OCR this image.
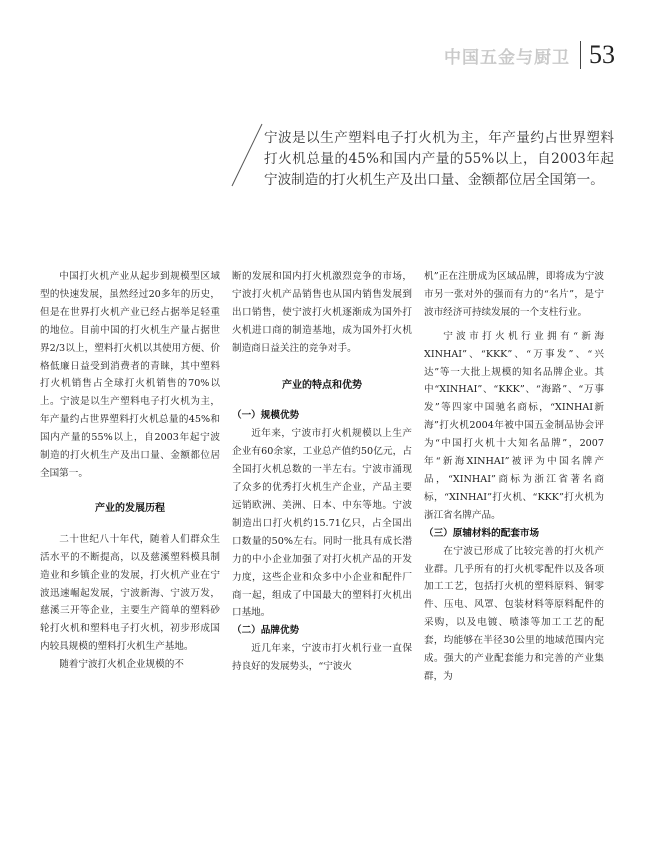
中国五金与厨卫 53

宁波是以生产塑料电子打火机为主，年产量约占世界塑料打火机总量的45%和国内产量的55%以上，自2003年起宁波制造的打火机生产及出口量、金额都位居全国第一。

中国打火机产业从起步到规模型区域型的快速发展，虽然经过20多年的历史，但是在世界打火机产业已经占据举足轻重的地位。目前中国的打火机生产量占据世界2/3以上，塑料打火机以其使用方便、价格低廉日益受到消费者的青睐，其中塑料打火机销售占全球打火机销售的70%以上。宁波是以生产塑料电子打火机为主，年产量约占世界塑料打火机总量的45%和国内产量的55%以上，自2003年起宁波制造的打火机生产及出口量、金额都位居全国第一。

产业的发展历程

二十世纪八十年代，随着人们群众生活水平的不断提高，以及慈溪塑料模具制造业和乡镇企业的发展，打火机产业在宁波迅速崛起发展，宁波新海、宁波万发，慈溪三开等企业，主要生产简单的塑料砂轮打火机和塑料电子打火机，初步形成国内较具规模的塑料打火机生产基地。

随着宁波打火机企业规模的不

断的发展和国内打火机激烈竞争的市场，宁波打火机产品销售也从国内销售发展到出口销售，使宁波打火机逐渐成为国外打火机进口商的制造基地，成为国外打火机制造商日益关注的竞争对手。

产业的特点和优势
（一）规模优势

近年来，宁波市打火机规模以上生产企业有60余家，工业总产值约50亿元，占全国打火机总数的一半左右。宁波市涌现了众多的优秀打火机生产企业，产品主要远销欧洲、美洲、日本、中东等地。宁波制造出口打火机约15.71亿只，占全国出口数量的50%左右。同时一批具有成长潜力的中小企业加强了对打火机产品的开发力度，这些企业和众多中小企业和配件厂商一起，组成了中国最大的塑料打火机出口基地。

（二）品牌优势

近几年来，宁波市打火机行业一直保持良好的发展势头，“宁波火

机”正在注册成为区域品牌，即将成为宁波市另一张对外的强而有力的“名片”，是宁波市经济可持续发展的一个支柱行业。

宁波市打火机行业拥有“新海XINHAI”、“KKK”、“万事发”、“兴达”等一大批上规模的知名品牌企业。其中“XINHAI”、“KKK”、“海路”、“万事发”等四家中国驰名商标，“XINHAI新海”打火机2004年被中国五金制品协会评为“中国打火机十大知名品牌”，2007年“新海XINHAI”被评为中国名牌产品，“XINHAI”商标为浙江省著名商标，“XINHAI”打火机、“KKK”打火机为浙江省名牌产品。

（三）原辅材料的配套市场

在宁波已形成了比较完善的打火机产业群。几乎所有的打火机零配件以及各项加工工艺，包括打火机的塑料原料、铜零件、压电、风罩、包装材料等原料配件的采购，以及电镀、喷漆等加工工艺的配套，均能够在半径30公里的地域范围内完成。强大的产业配套能力和完善的产业集群，为
